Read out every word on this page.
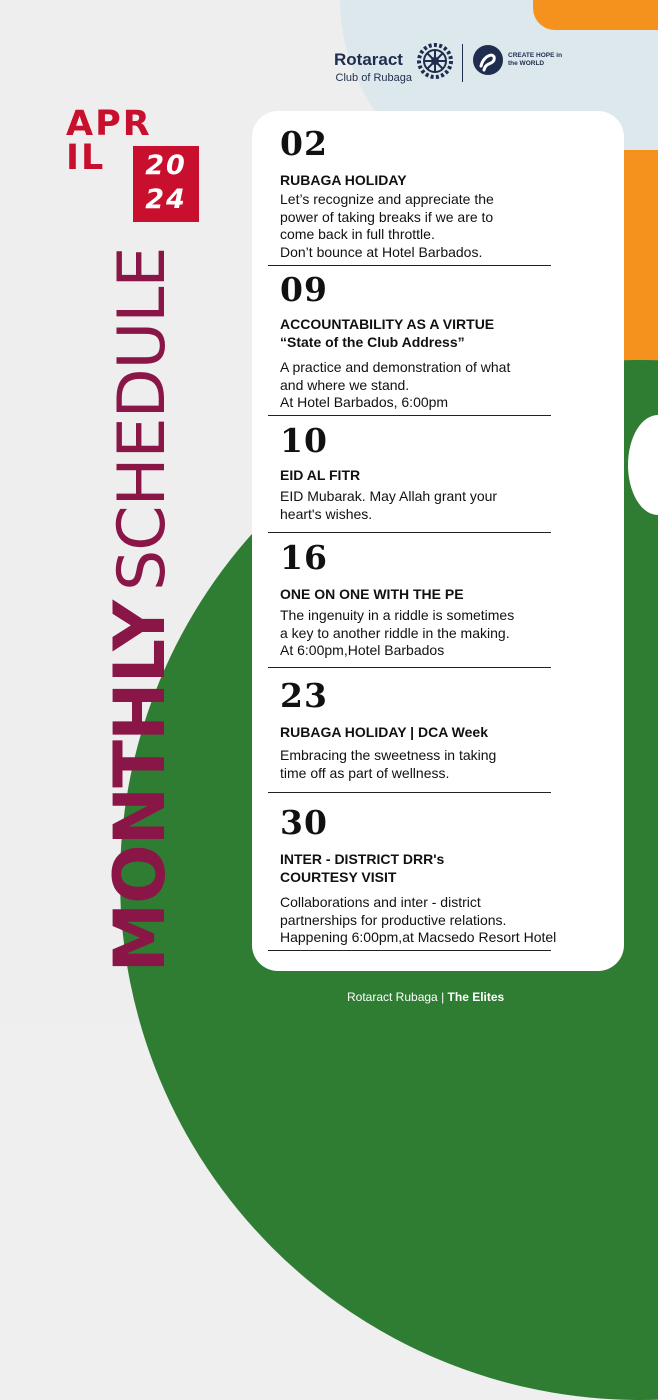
Rotaract
Club of Rubaga
CREATE HOPE in the WORLD
APR
IL	20
24
MONTHLYSCHEDULE
02
RUBAGA HOLIDAY
Let’s recognize and appreciate the
power of taking breaks if we are to
come back in full throttle.
Don’t bounce at Hotel Barbados.
09
ACCOUNTABILITY AS A VIRTUE
“State of the Club Address”
A practice and demonstration of what
and where we stand.
At Hotel Barbados, 6:00pm
10
EID AL FITR
EID Mubarak. May Allah grant your
heart's wishes.
16
ONE ON ONE WITH THE PE
The ingenuity in a riddle is sometimes
a key to another riddle in the making.
At 6:00pm,Hotel Barbados
23
RUBAGA HOLIDAY | DCA Week
Embracing the sweetness in taking
time off as part of wellness.
30
INTER - DISTRICT DRR's
COURTESY VISIT
Collaborations and inter - district
partnerships for productive relations.
Happening 6:00pm,at Macsedo Resort Hotel
Rotaract Rubaga | The Elites
